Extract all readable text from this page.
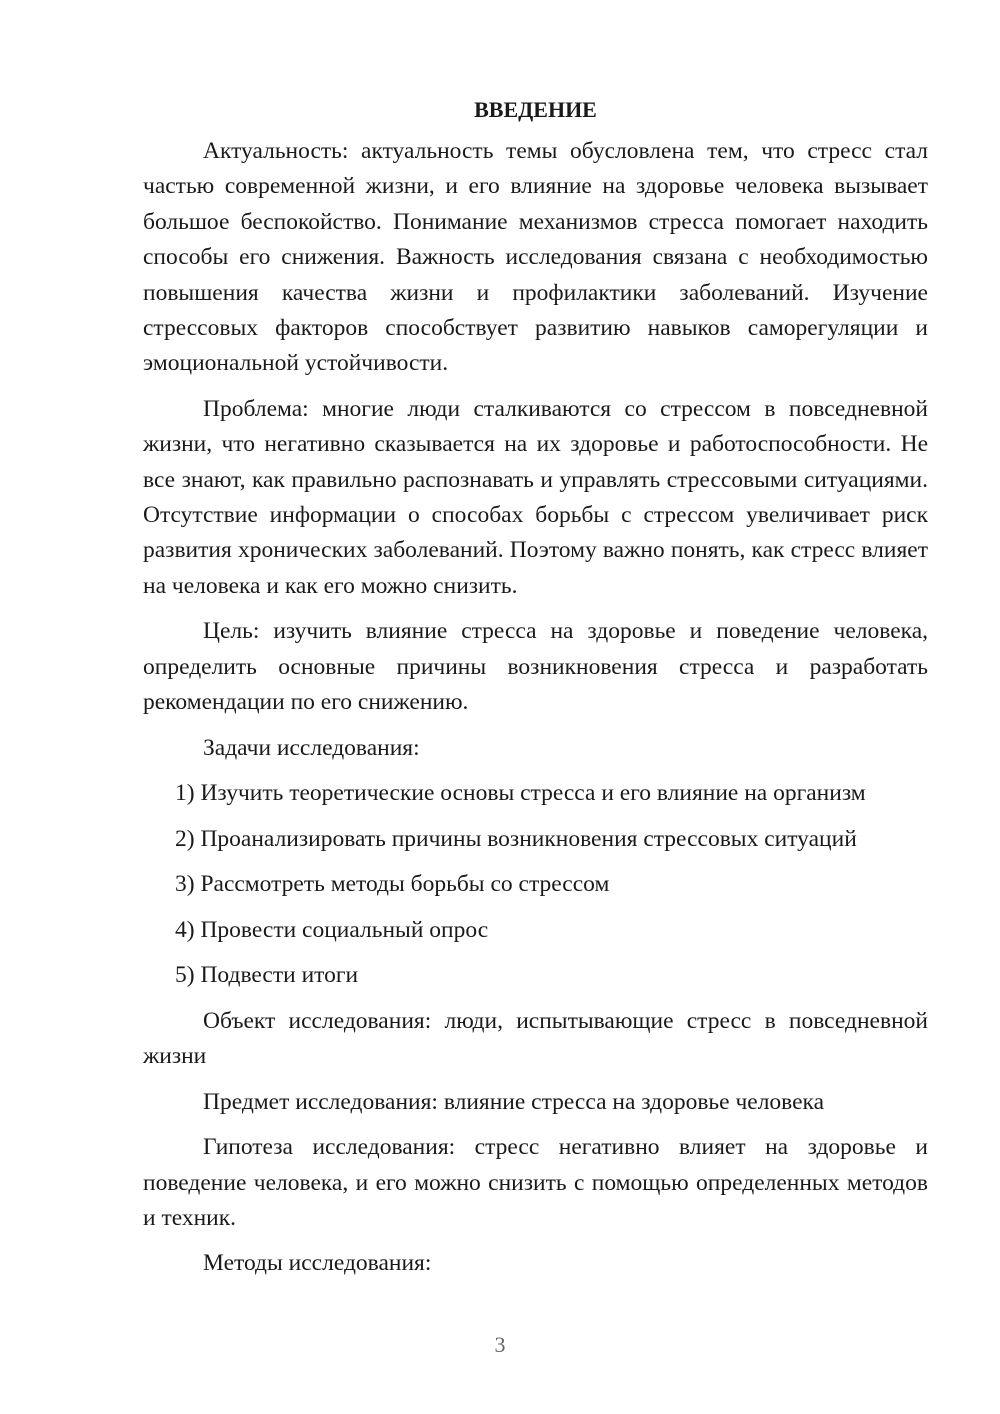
ВВЕДЕНИЕ

Актуальность: актуальность темы обусловлена тем, что стресс стал частью современной жизни, и его влияние на здоровье человека вызывает большое беспокойство. Понимание механизмов стресса помогает находить способы его снижения. Важность исследования связана с необходимостью повышения качества жизни и профилактики заболеваний. Изучение стрессовых факторов способствует развитию навыков саморегуляции и эмоциональной устойчивости.

Проблема: многие люди сталкиваются со стрессом в повседневной жизни, что негативно сказывается на их здоровье и работоспособности. Не все знают, как правильно распознавать и управлять стрессовыми ситуациями. Отсутствие информации о способах борьбы с стрессом увеличивает риск развития хронических заболеваний. Поэтому важно понять, как стресс влияет на человека и как его можно снизить.

Цель: изучить влияние стресса на здоровье и поведение человека, определить основные причины возникновения стресса и разработать рекомендации по его снижению.

Задачи исследования:

1) Изучить теоретические основы стресса и его влияние на организм
2) Проанализировать причины возникновения стрессовых ситуаций
3) Рассмотреть методы борьбы со стрессом
4) Провести социальный опрос
5) Подвести итоги

Объект исследования: люди, испытывающие стресс в повседневной жизни

Предмет исследования: влияние стресса на здоровье человека

Гипотеза исследования: стресс негативно влияет на здоровье и поведение человека, и его можно снизить с помощью определенных методов и техник.

Методы исследования:

3
